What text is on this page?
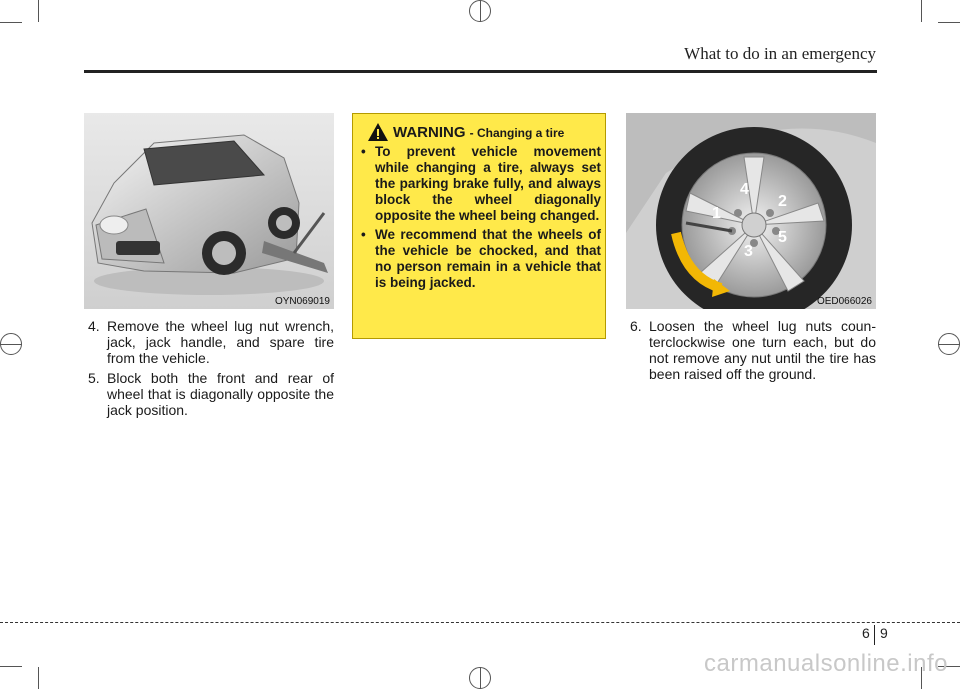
What to do in an emergency
OYN069019
4. Remove the wheel lug nut wrench, jack, jack handle, and spare tire from the vehicle.
5. Block both the front and rear of wheel that is diagonally opposite the jack position.
WARNING - Changing a tire
• To prevent vehicle movement while changing a tire, always set the parking brake fully, and always block the wheel diagonally opposite the wheel being changed.
• We recommend that the wheels of the vehicle be chocked, and that no person remain in a vehicle that is being jacked.
1
2
3
4
5
OED066026
6. Loosen the wheel lug nuts coun-terclockwise one turn each, but do not remove any nut until the tire has been raised off the ground.
6 9
carmanualsonline.info
